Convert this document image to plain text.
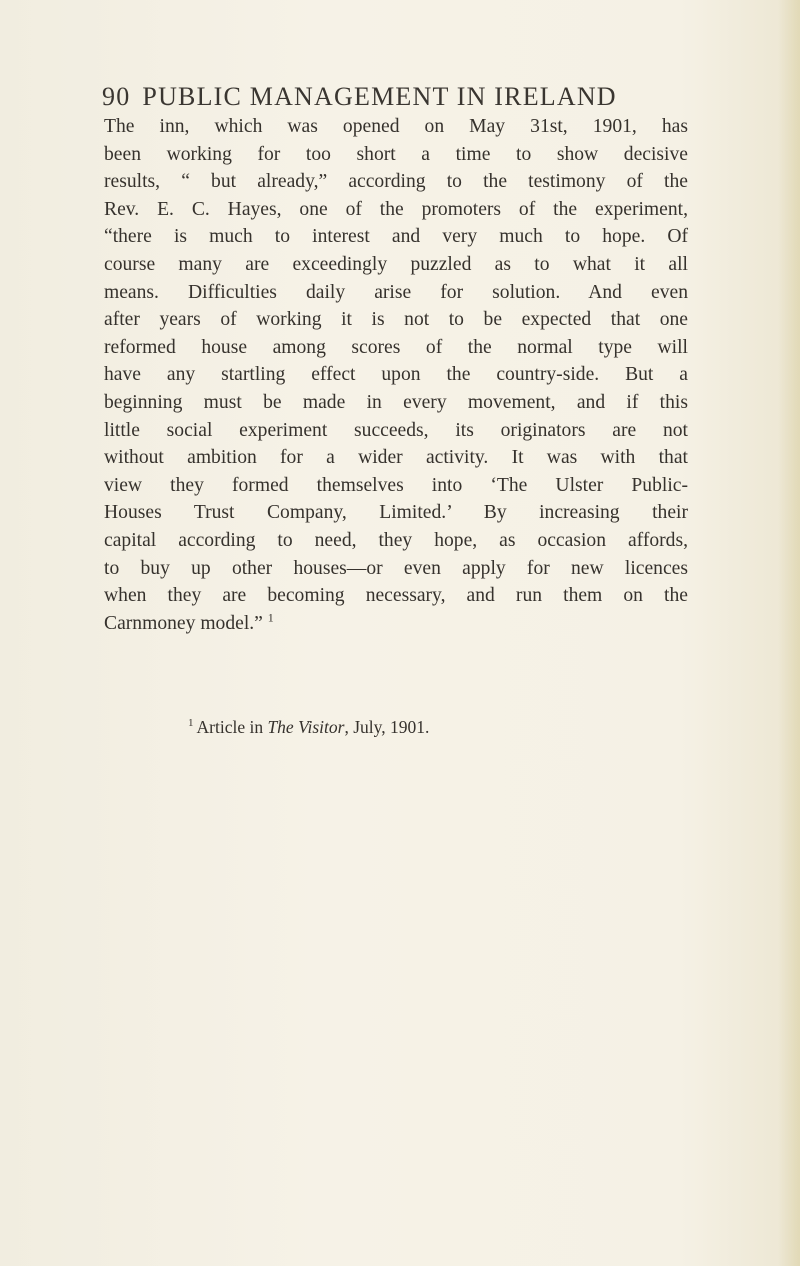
90 PUBLIC MANAGEMENT IN IRELAND
The inn, which was opened on May 31st, 1901, has
been working for too short a time to show decisive
results, “ but already,” according to the testimony of the
Rev. E. C. Hayes, one of the promoters of the experiment,
“there is much to interest and very much to hope. Of
course many are exceedingly puzzled as to what it all
means. Difficulties daily arise for solution. And even
after years of working it is not to be expected that one
reformed house among scores of the normal type will
have any startling effect upon the country-side. But a
beginning must be made in every movement, and if this
little social experiment succeeds, its originators are not
without ambition for a wider activity. It was with that
view they formed themselves into ‘The Ulster Public-
Houses Trust Company, Limited.’ By increasing their
capital according to need, they hope, as occasion affords,
to buy up other houses—or even apply for new licences
when they are becoming necessary, and run them on the
Carnmoney model.” $^1$
$^1$ Article in The Visitor, July, 1901.
